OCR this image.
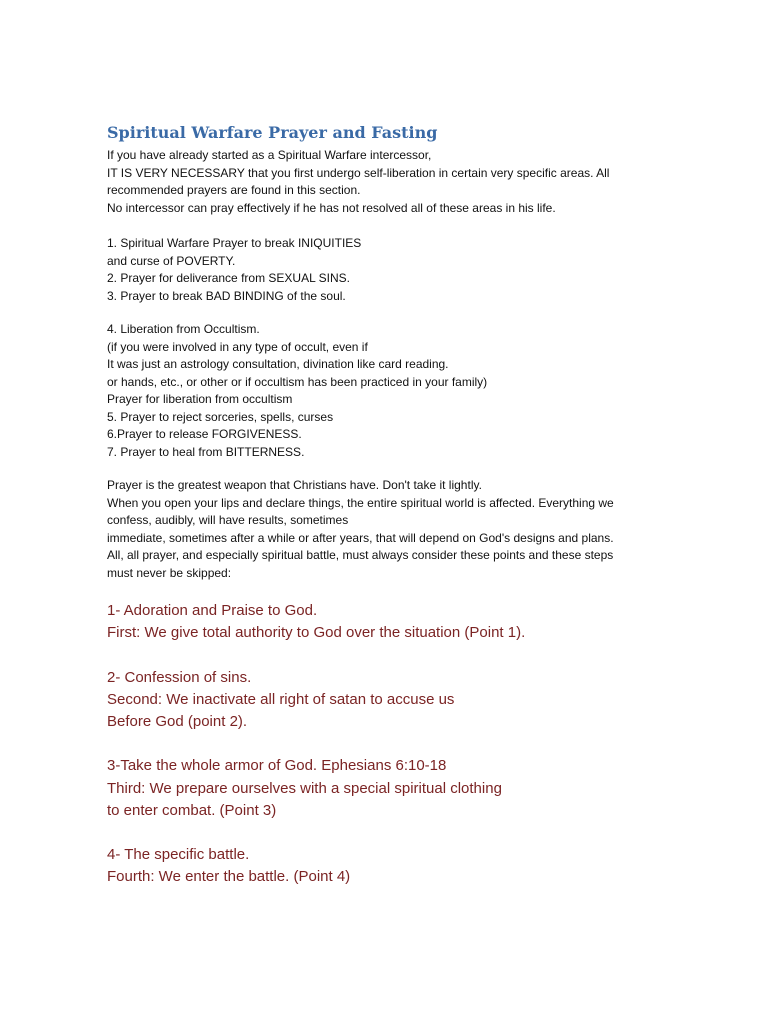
Spiritual Warfare Prayer and Fasting
If you have already started as a Spiritual Warfare intercessor,
IT IS VERY NECESSARY that you first undergo self-liberation in certain very specific areas. All
recommended prayers are found in this section.
No intercessor can pray effectively if he has not resolved all of these areas in his life.
1. Spiritual Warfare Prayer to break INIQUITIES
and curse of POVERTY.
2. Prayer for deliverance from SEXUAL SINS.
3. Prayer to break BAD BINDING of the soul.
4. Liberation from Occultism.
(if you were involved in any type of occult, even if
It was just an astrology consultation, divination like card reading.
or hands, etc., or other or if occultism has been practiced in your family)
Prayer for liberation from occultism
5. Prayer to reject sorceries, spells, curses
6.Prayer to release FORGIVENESS.
7. Prayer to heal from BITTERNESS.
Prayer is the greatest weapon that Christians have. Don't take it lightly.
When you open your lips and declare things, the entire spiritual world is affected. Everything we
confess, audibly, will have results, sometimes
immediate, sometimes after a while or after years, that will depend on God's designs and plans.
All, all prayer, and especially spiritual battle, must always consider these points and these steps
must never be skipped:
1- Adoration and Praise to God.
First: We give total authority to God over the situation (Point 1).
2- Confession of sins.
Second: We inactivate all right of satan to accuse us
Before God (point 2).
3-Take the whole armor of God. Ephesians 6:10-18
Third: We prepare ourselves with a special spiritual clothing
to enter combat. (Point 3)
4- The specific battle.
Fourth: We enter the battle. (Point 4)
